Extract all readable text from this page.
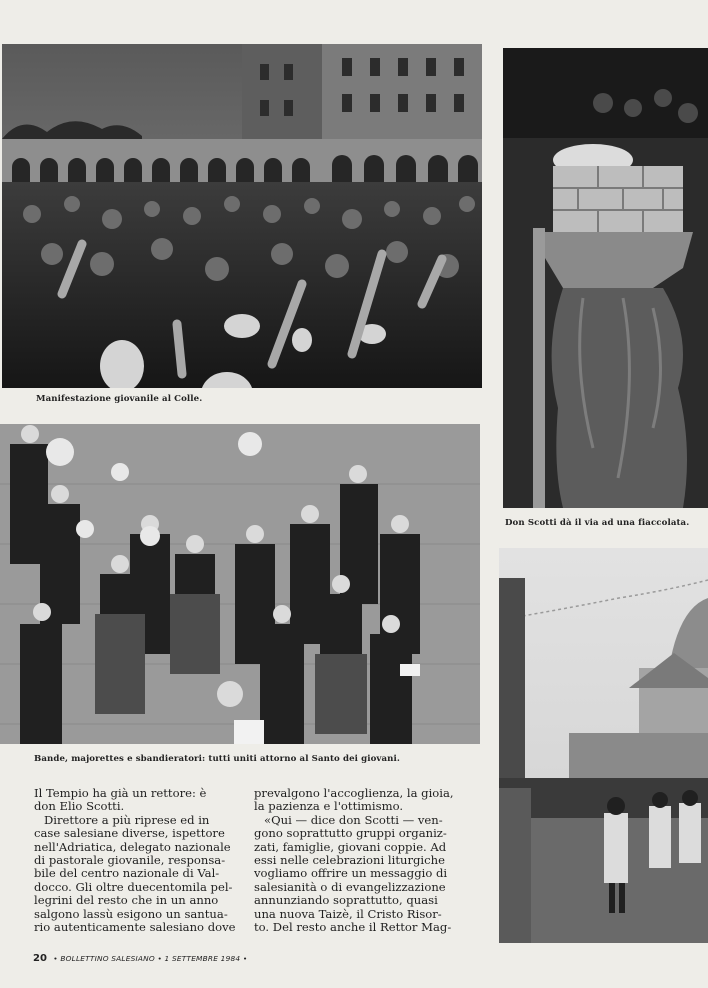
Manifestazione giovanile al Colle.
Don Scotti dà il via ad una fiaccolata.
Bande, majorettes e sbandieratori: tutti uniti attorno al Santo dei giovani.
Il Tempio ha già un rettore: è
don Elio Scotti.
Direttore a più riprese ed in
case salesiane diverse, ispettore
nell'Adriatica, delegato nazionale
di pastorale giovanile, responsa-
bile del centro nazionale di Val-
docco. Gli oltre duecentomila pel-
legrini del resto che in un anno
salgono lassù esigono un santua-
rio autenticamente salesiano dove
prevalgono l'accoglienza, la gioia,
la pazienza e l'ottimismo.
«Qui — dice don Scotti — ven-
gono soprattutto gruppi organiz-
zati, famiglie, giovani coppie. Ad
essi nelle celebrazioni liturgiche
vogliamo offrire un messaggio di
salesianità o di evangelizzazione
annunziando soprattutto, quasi
una nuova Taizè, il Cristo Risor-
to. Del resto anche il Rettor Mag-
20 • BOLLETTINO SALESIANO • 1 SETTEMBRE 1984 •
